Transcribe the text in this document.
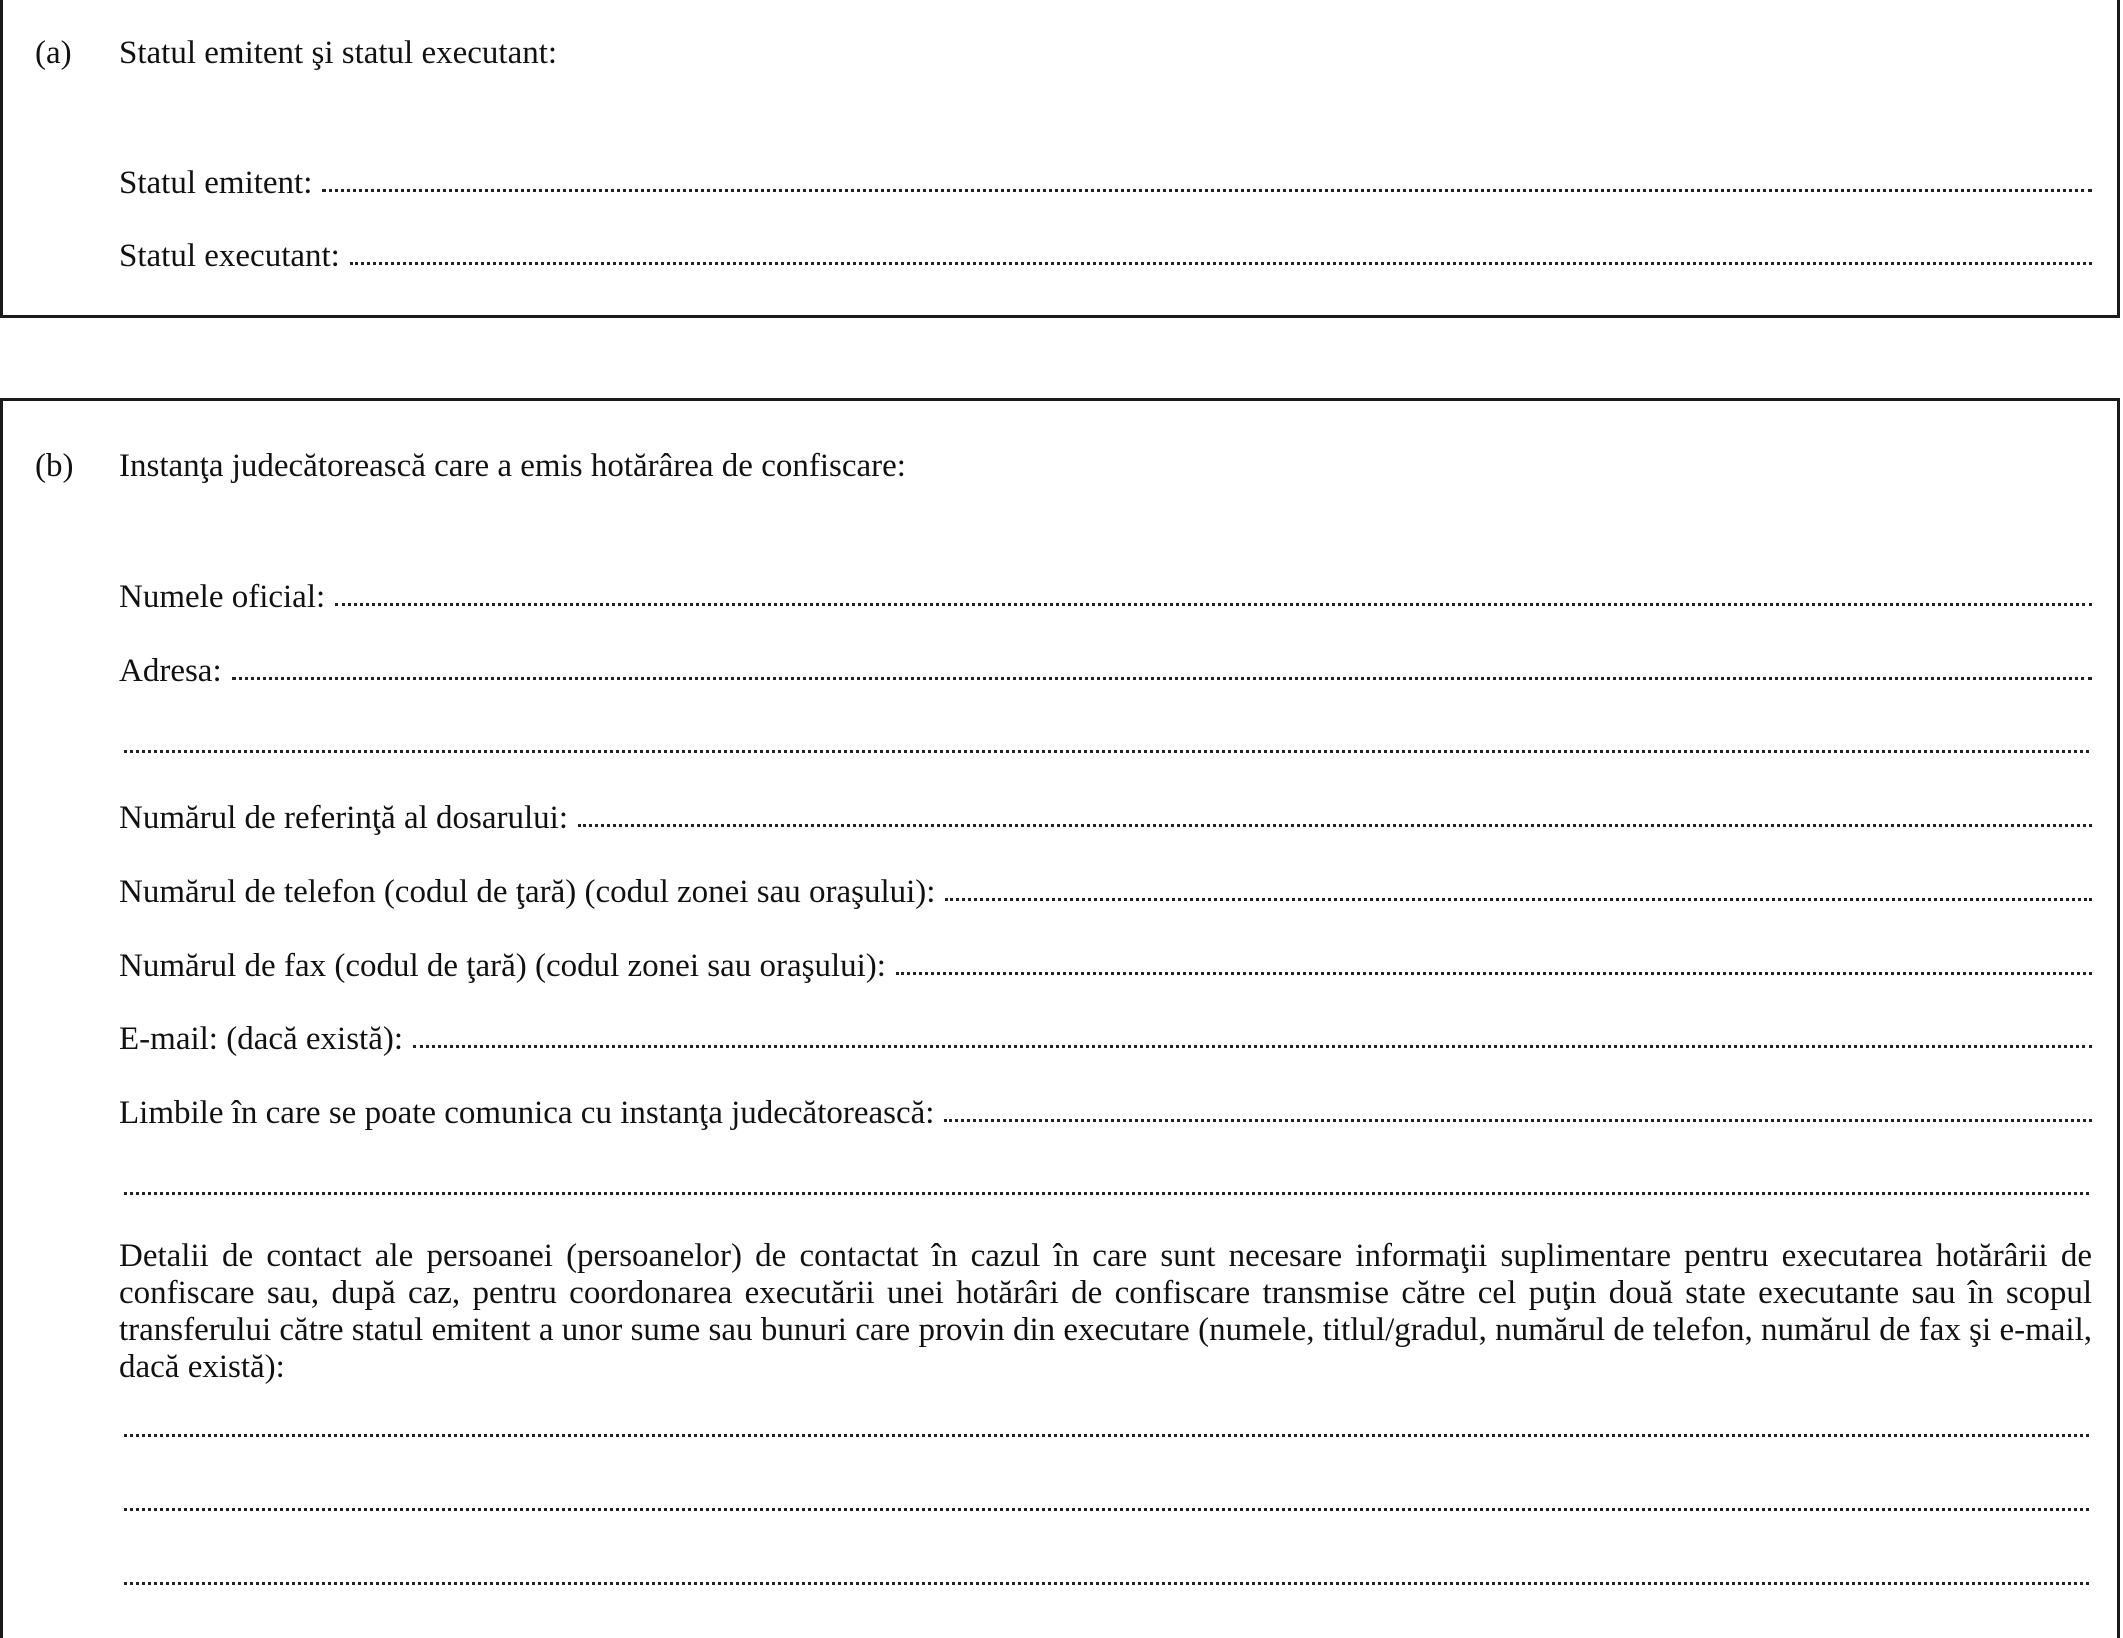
(a) Statul emitent şi statul executant:
Statul emitent:
Statul executant:
(b) Instanţa judecătorească care a emis hotărârea de confiscare:
Numele oficial:
Adresa:
Numărul de referinţă al dosarului:
Numărul de telefon (codul de ţară) (codul zonei sau oraşului):
Numărul de fax (codul de ţară) (codul zonei sau oraşului):
E-mail: (dacă există):
Limbile în care se poate comunica cu instanţa judecătorească:
Detalii de contact ale persoanei (persoanelor) de contactat în cazul în care sunt necesare informaţii suplimentare pentru executarea hotărârii de confiscare sau, după caz, pentru coordonarea executării unei hotărâri de confiscare transmise către cel puţin două state executante sau în scopul transferului către statul emitent a unor sume sau bunuri care provin din executare (numele, titlul/gradul, numărul de telefon, numărul de fax şi e-mail, dacă există):
